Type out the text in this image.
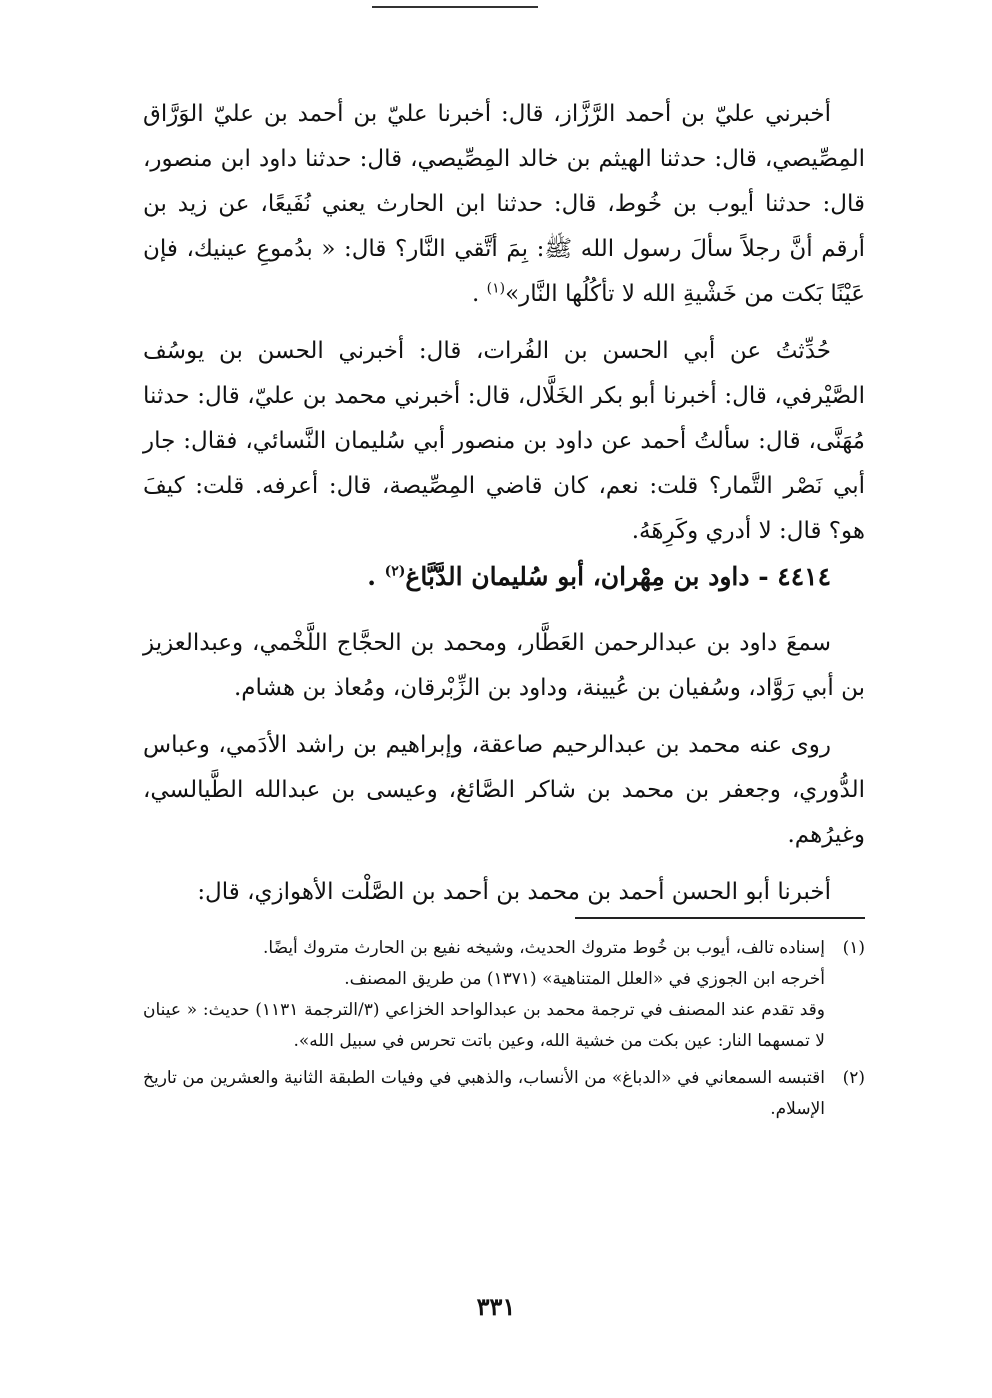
أخبرني عليّ بن أحمد الرَّزَّاز، قال: أخبرنا عليّ بن أحمد بن عليّ الوَرَّاق المِصِّيصي، قال: حدثنا الهيثم بن خالد المِصِّيصي، قال: حدثنا داود ابن منصور، قال: حدثنا أيوب بن خُوط، قال: حدثنا ابن الحارث يعني نُفَيعًا، عن زيد بن أرقم أنَّ رجلاً سألَ رسول الله ﷺ: بِمَ أتَّقي النَّار؟ قال: « بدُموعِ عينيك، فإن عَيْنًا بَكت من خَشْيةِ الله لا تأكُلُها النَّار»$^{(١)}$ .

حُدِّثتُ عن أبي الحسن بن الفُرات، قال: أخبرني الحسن بن يوسُف الصَّيْرفي، قال: أخبرنا أبو بكر الخَلَّال، قال: أخبرني محمد بن عليّ، قال: حدثنا مُهَنَّى، قال: سألتُ أحمد عن داود بن منصور أبي سُليمان النَّسائي، فقال: جار أبي نَصْر التَّمار؟ قلت: نعم، كان قاضي المِصِّيصة، قال: أعرفه. قلت: كيفَ هو؟ قال: لا أدري وكَرِهَهُ.

٤٤١٤ - داود بن مِهْران، أبو سُليمان الدَّبَّاغ$^{(٢)}$ .

سمعَ داود بن عبدالرحمن العَطَّار، ومحمد بن الحجَّاج اللَّخْمي، وعبدالعزيز بن أبي رَوَّاد، وسُفيان بن عُيينة، وداود بن الزِّبْرقان، ومُعاذ بن هشام.

روى عنه محمد بن عبدالرحيم صاعقة، وإبراهيم بن راشد الأدَمي، وعباس الدُّوري، وجعفر بن محمد بن شاكر الصَّائغ، وعيسى بن عبدالله الطَّيالسي، وغيرُهم.

أخبرنا أبو الحسن أحمد بن محمد بن أحمد بن الصَّلْت الأهوازي، قال:

(١)
إسناده تالف، أيوب بن خُوط متروك الحديث، وشيخه نفيع بن الحارث متروك أيضًا.
أخرجه ابن الجوزي في «العلل المتناهية» (١٣٧١) من طريق المصنف.
وقد تقدم عند المصنف في ترجمة محمد بن عبدالواحد الخزاعي (٣/الترجمة ١١٣١) حديث: « عينان لا تمسهما النار: عين بكت من خشية الله، وعين باتت تحرس في سبيل الله».
(٢)
اقتبسه السمعاني في «الدباغ» من الأنساب، والذهبي في وفيات الطبقة الثانية والعشرين من تاريخ الإسلام.
٣٣١
